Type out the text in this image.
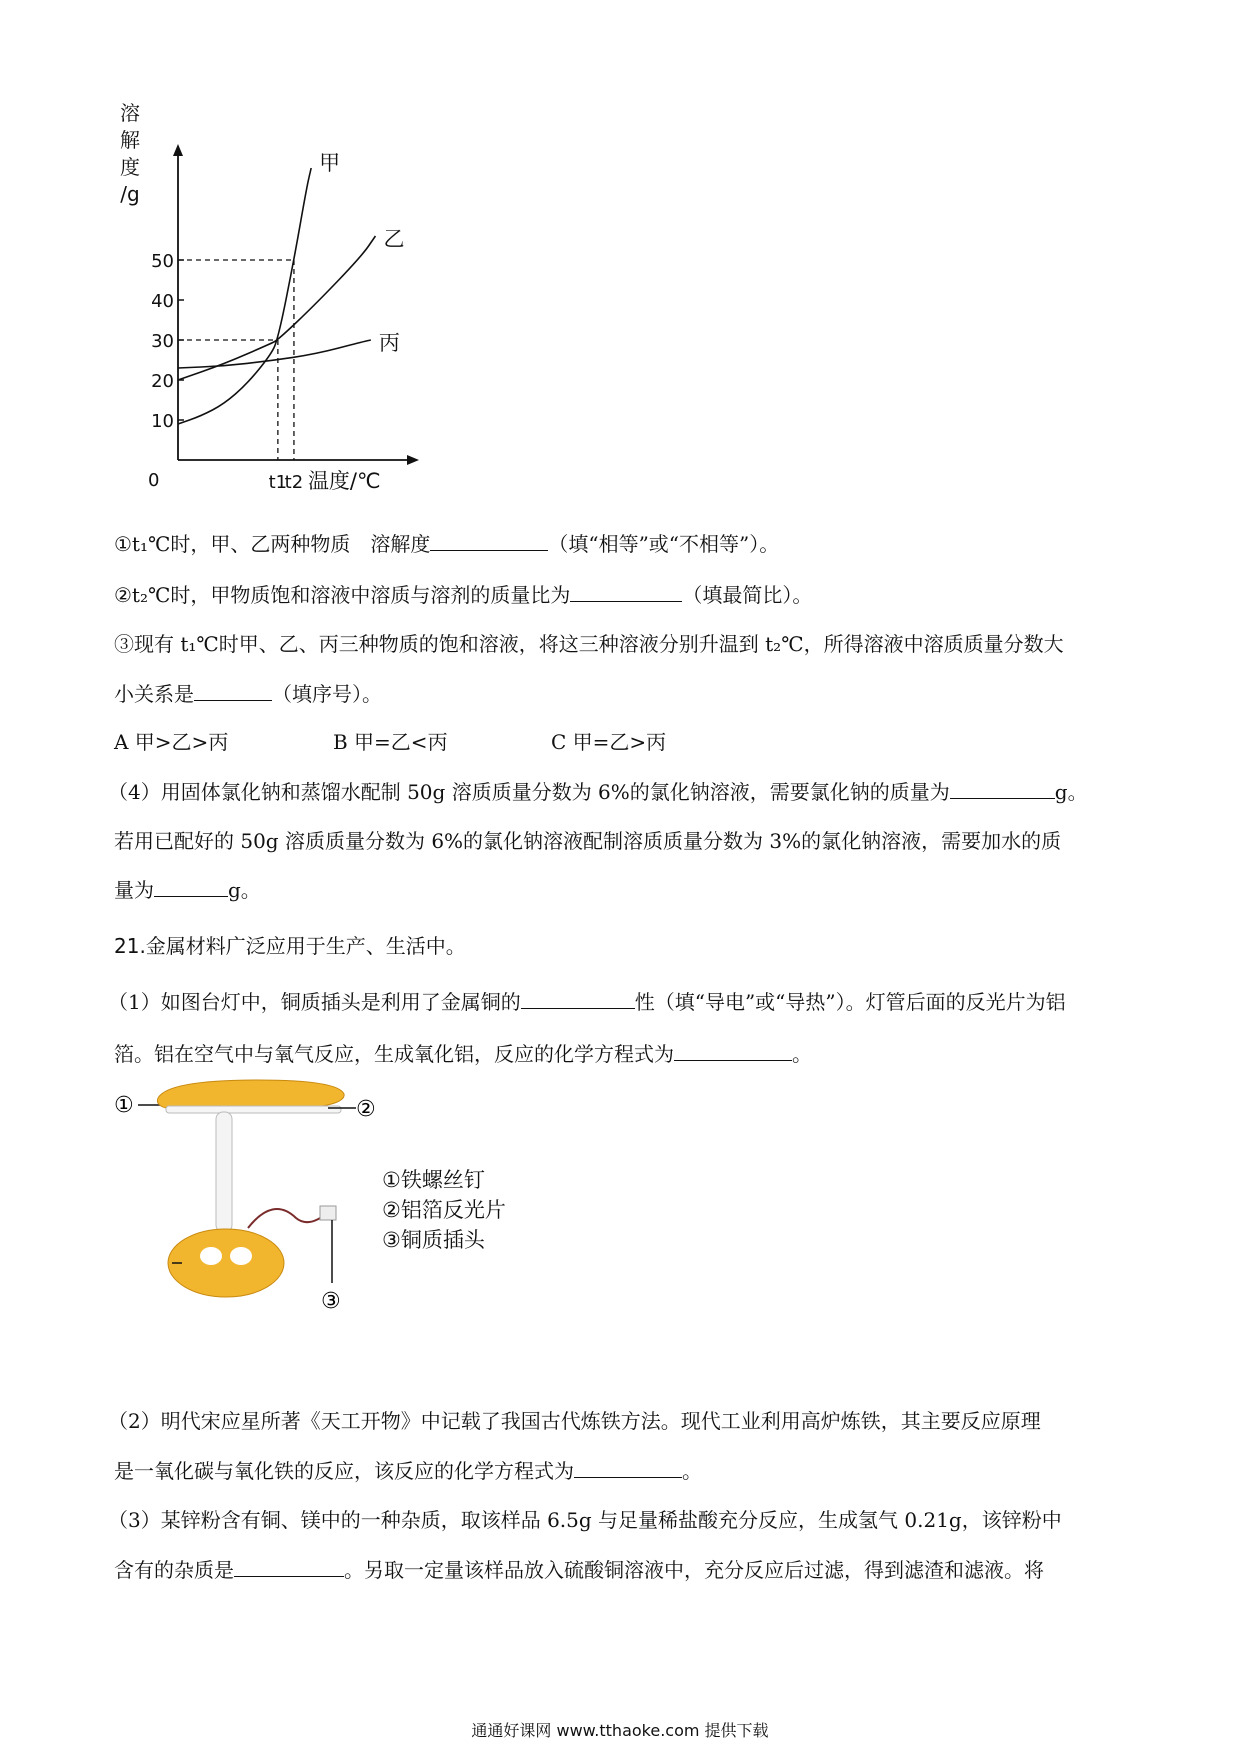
溶
解
度
/g
10
20
30
40
50
0	t1
t2 温度/℃
甲
乙
丙
①t₁℃时，甲、乙两种物质　溶解度	（填“相等”或“不相等”）。
②t₂℃时，甲物质饱和溶液中溶质与溶剂的质量比为	（填最简比）。
③现有 t₁℃时甲、乙、丙三种物质的饱和溶液，将这三种溶液分别升温到 t₂℃，所得溶液中溶质质量分数大
小关系是	（填序号）。
A 甲>乙>丙	B 甲=乙<丙	C 甲=乙>丙
（4）用固体氯化钠和蒸馏水配制 50g 溶质质量分数为 6%的氯化钠溶液，需要氯化钠的质量为	g。
若用已配好的 50g 溶质质量分数为 6%的氯化钠溶液配制溶质质量分数为 3%的氯化钠溶液，需要加水的质
量为	g。
21.金属材料广泛应用于生产、生活中。
（1）如图台灯中，铜质插头是利用了金属铜的	性（填“导电”或“导热”）。灯管后面的反光片为铝
箔。铝在空气中与氧气反应，生成氧化铝，反应的化学方程式为	。
①	②
③
①铁螺丝钉
②铝箔反光片
③铜质插头
（2）明代宋应星所著《天工开物》中记载了我国古代炼铁方法。现代工业利用高炉炼铁，其主要反应原理
是一氧化碳与氧化铁的反应，该反应的化学方程式为	。
（3）某锌粉含有铜、镁中的一种杂质，取该样品 6.5g 与足量稀盐酸充分反应，生成氢气 0.21g，该锌粉中
含有的杂质是	。另取一定量该样品放入硫酸铜溶液中，充分反应后过滤，得到滤渣和滤液。将
通通好课网 www.tthaoke.com 提供下载
